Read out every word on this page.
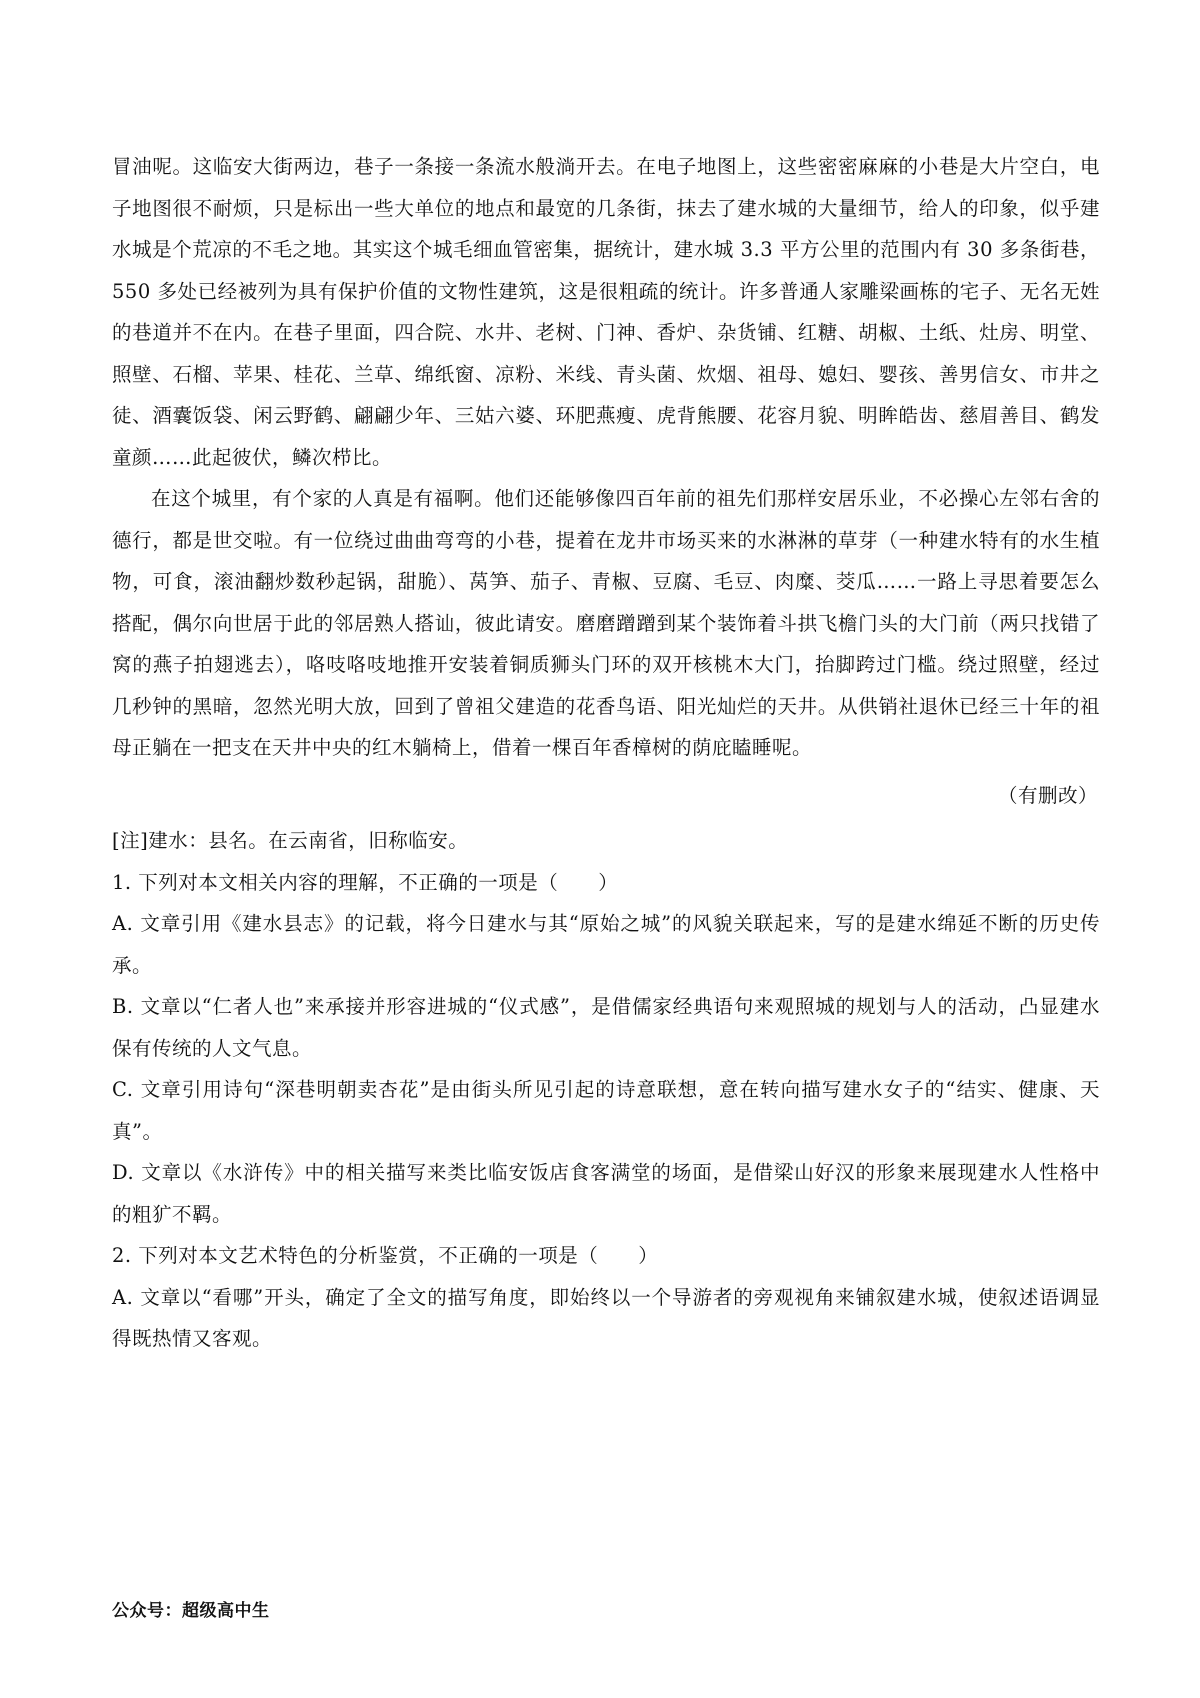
冒油呢。这临安大街两边，巷子一条接一条流水般淌开去。在电子地图上，这些密密麻麻的小巷是大片空白，电子地图很不耐烦，只是标出一些大单位的地点和最宽的几条街，抹去了建水城的大量细节，给人的印象，似乎建水城是个荒凉的不毛之地。其实这个城毛细血管密集，据统计，建水城 3.3 平方公里的范围内有 30 多条街巷，550 多处已经被列为具有保护价值的文物性建筑，这是很粗疏的统计。许多普通人家雕梁画栋的宅子、无名无姓的巷道并不在内。在巷子里面，四合院、水井、老树、门神、香炉、杂货铺、红糖、胡椒、土纸、灶房、明堂、照壁、石榴、苹果、桂花、兰草、绵纸窗、凉粉、米线、青头菌、炊烟、祖母、媳妇、婴孩、善男信女、市井之徒、酒囊饭袋、闲云野鹤、翩翩少年、三姑六婆、环肥燕瘦、虎背熊腰、花容月貌、明眸皓齿、慈眉善目、鹤发童颜……此起彼伏，鳞次栉比。

在这个城里，有个家的人真是有福啊。他们还能够像四百年前的祖先们那样安居乐业，不必操心左邻右舍的德行，都是世交啦。有一位绕过曲曲弯弯的小巷，提着在龙井市场买来的水淋淋的草芽（一种建水特有的水生植物，可食，滚油翻炒数秒起锅，甜脆）、莴笋、茄子、青椒、豆腐、毛豆、肉糜、茭瓜……一路上寻思着要怎么搭配，偶尔向世居于此的邻居熟人搭讪，彼此请安。磨磨蹭蹭到某个装饰着斗拱飞檐门头的大门前（两只找错了窝的燕子拍翅逃去），咯吱咯吱地推开安装着铜质狮头门环的双开核桃木大门，抬脚跨过门槛。绕过照壁，经过几秒钟的黑暗，忽然光明大放，回到了曾祖父建造的花香鸟语、阳光灿烂的天井。从供销社退休已经三十年的祖母正躺在一把支在天井中央的红木躺椅上，借着一棵百年香樟树的荫庇瞌睡呢。

（有删改）

[注]建水：县名。在云南省，旧称临安。

1. 下列对本文相关内容的理解，不正确的一项是（　　）

A. 文章引用《建水县志》的记载，将今日建水与其“原始之城”的风貌关联起来，写的是建水绵延不断的历史传承。

B. 文章以“仁者人也”来承接并形容进城的“仪式感”，是借儒家经典语句来观照城的规划与人的活动，凸显建水保有传统的人文气息。

C. 文章引用诗句“深巷明朝卖杏花”是由街头所见引起的诗意联想，意在转向描写建水女子的“结实、健康、天真”。

D. 文章以《水浒传》中的相关描写来类比临安饭店食客满堂的场面，是借梁山好汉的形象来展现建水人性格中的粗犷不羁。

2. 下列对本文艺术特色的分析鉴赏，不正确的一项是（　　）

A. 文章以“看哪”开头，确定了全文的描写角度，即始终以一个导游者的旁观视角来铺叙建水城，使叙述语调显得既热情又客观。

公众号：超级高中生
